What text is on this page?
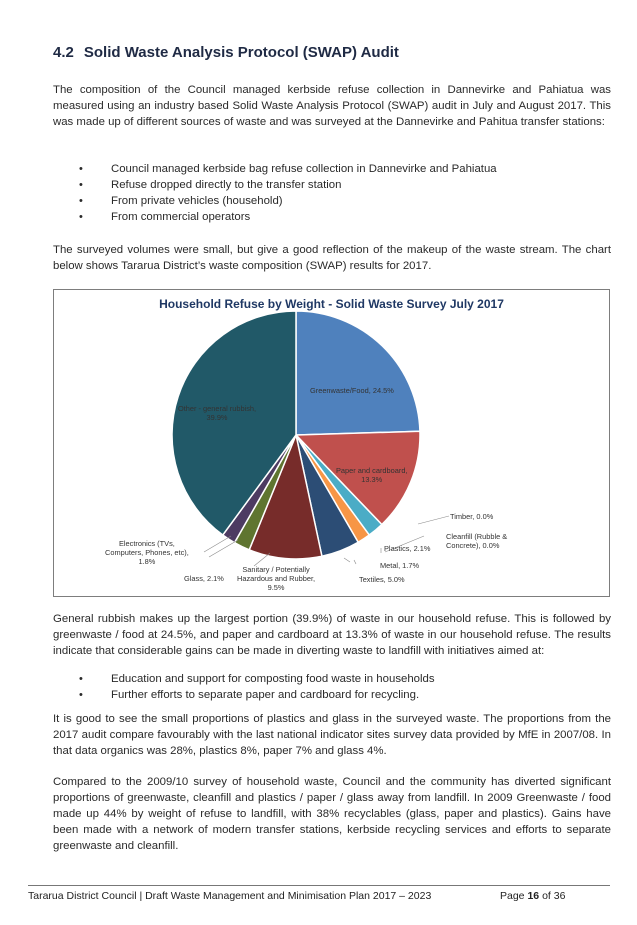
4.2 Solid Waste Analysis Protocol (SWAP) Audit
The composition of the Council managed kerbside refuse collection in Dannevirke and Pahiatua was measured using an industry based Solid Waste Analysis Protocol (SWAP) audit in July and August 2017. This was made up of different sources of waste and was surveyed at the Dannevirke and Pahitua transfer stations:
• Council managed kerbside bag refuse collection in Dannevirke and Pahiatua
• Refuse dropped directly to the transfer station
• From private vehicles (household)
• From commercial operators
The surveyed volumes were small, but give a good reflection of the makeup of the waste stream. The chart below shows Tararua District’s waste composition (SWAP) results for 2017.
Household Refuse by Weight - Solid Waste Survey July 2017
Greenwaste/Food, 24.5%
Paper and cardboard,
13.3%
Other - general rubbish,
39.9%
Timber, 0.0%
Cleanfill (Rubble &
Concrete), 0.0%
Plastics, 2.1%
Metal, 1.7%
Textiles, 5.0%
Sanitary / Potentially
Hazardous and Rubber,
9.5%
Glass, 2.1%
Electronics (TVs,
Computers, Phones, etc),
1.8%
General rubbish makes up the largest portion (39.9%) of waste in our household refuse. This is followed by greenwaste / food at 24.5%, and paper and cardboard at 13.3% of waste in our household refuse. The results indicate that considerable gains can be made in diverting waste to landfill with initiatives aimed at:
• Education and support for composting food waste in households
• Further efforts to separate paper and cardboard for recycling.
It is good to see the small proportions of plastics and glass in the surveyed waste. The proportions from the 2017 audit compare favourably with the last national indicator sites survey data provided by MfE in 2007/08. In that data organics was 28%, plastics 8%, paper 7% and glass 4%.
Compared to the 2009/10 survey of household waste, Council and the community has diverted significant proportions of greenwaste, cleanfill and plastics / paper / glass away from landfill. In 2009 Greenwaste / food made up 44% by weight of refuse to landfill, with 38% recyclables (glass, paper and plastics). Gains have been made with a network of modern transfer stations, kerbside recycling services and efforts to separate greenwaste and cleanfill.
Tararua District Council | Draft Waste Management and Minimisation Plan 2017 – 2023	Page 16 of 36
